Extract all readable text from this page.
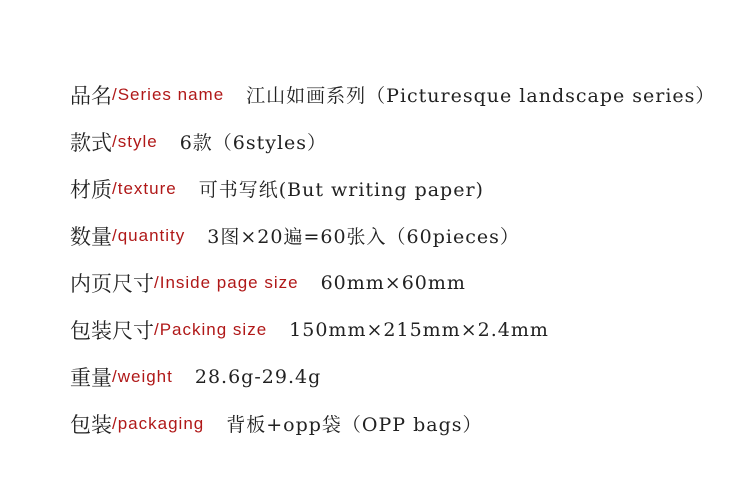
品名 /Series name 江山如画系列（Picturesque landscape series）
款式 /style 6款（6styles）
材质 /texture 可书写纸(But writing paper)
数量 /quantity 3图×20遍=60张入（60pieces）
内页尺寸 /Inside page size 60mm×60mm
包装尺寸 /Packing size 150mm×215mm×2.4mm
重量 /weight 28.6g-29.4g
包装 /packaging 背板+opp袋（OPP bags）
